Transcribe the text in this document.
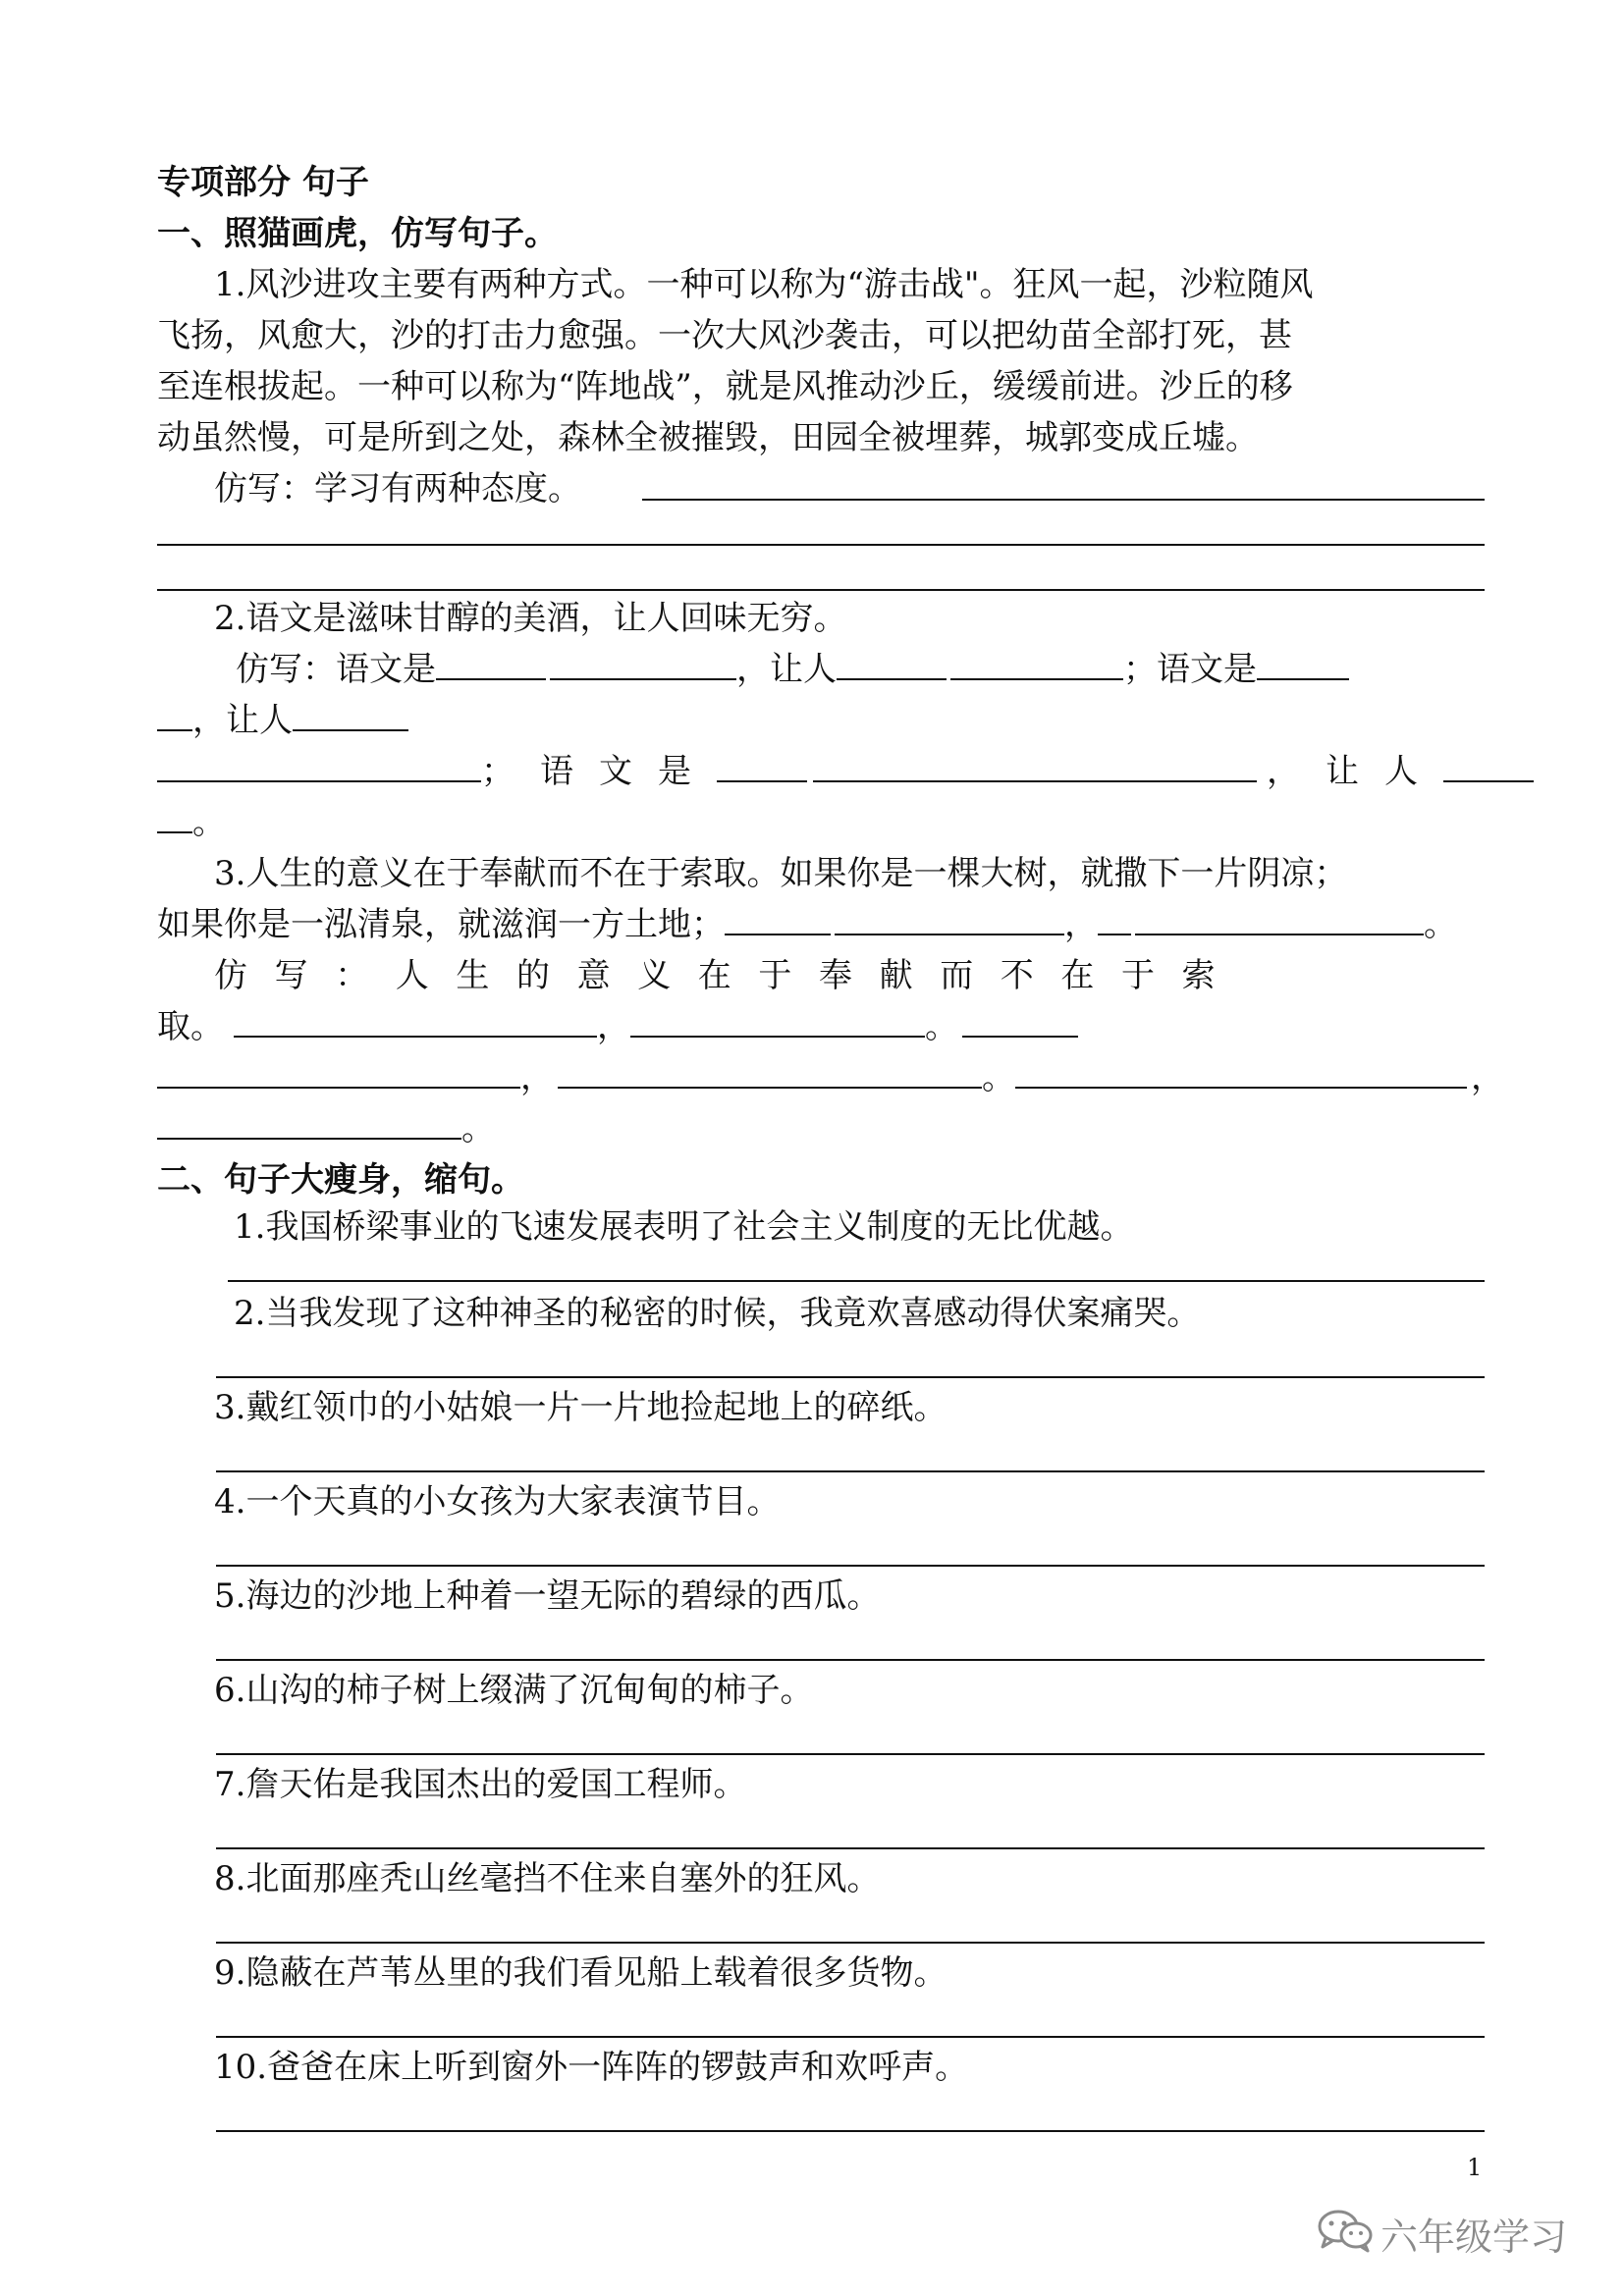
专项部分 句子
一、照猫画虎，仿写句子。
1.风沙进攻主要有两种方式。一种可以称为“游击战"。狂风一起，沙粒随风
飞扬，风愈大，沙的打击力愈强。一次大风沙袭击，可以把幼苗全部打死，甚
至连根拔起。一种可以称为“阵地战”，就是风推动沙丘，缓缓前进。沙丘的移
动虽然慢，可是所到之处，森林全被摧毁，田园全被埋葬，城郭变成丘墟。
仿写：学习有两种态度。
2.语文是滋味甘醇的美酒，让人回味无穷。
仿写：语文是	，让人	；语文是
，让人
；语文是	，让人
。
3.人生的意义在于奉献而不在于索取。如果你是一棵大树，就撒下一片阴凉；
如果你是一泓清泉，就滋润一方土地；	，	。
仿写：人生的意义在于奉献而不在于索
取。	，	。
，	。	，
。
二、句子大瘦身，缩句。
1.我国桥梁事业的飞速发展表明了社会主义制度的无比优越。
2.当我发现了这种神圣的秘密的时候，我竟欢喜感动得伏案痛哭。
3.戴红领巾的小姑娘一片一片地捡起地上的碎纸。
4.一个天真的小女孩为大家表演节目。
5.海边的沙地上种着一望无际的碧绿的西瓜。
6.山沟的柿子树上缀满了沉甸甸的柿子。
7.詹天佑是我国杰出的爱国工程师。
8.北面那座秃山丝毫挡不住来自塞外的狂风。
9.隐蔽在芦苇丛里的我们看见船上载着很多货物。
10.爸爸在床上听到窗外一阵阵的锣鼓声和欢呼声。
1
六年级学习
